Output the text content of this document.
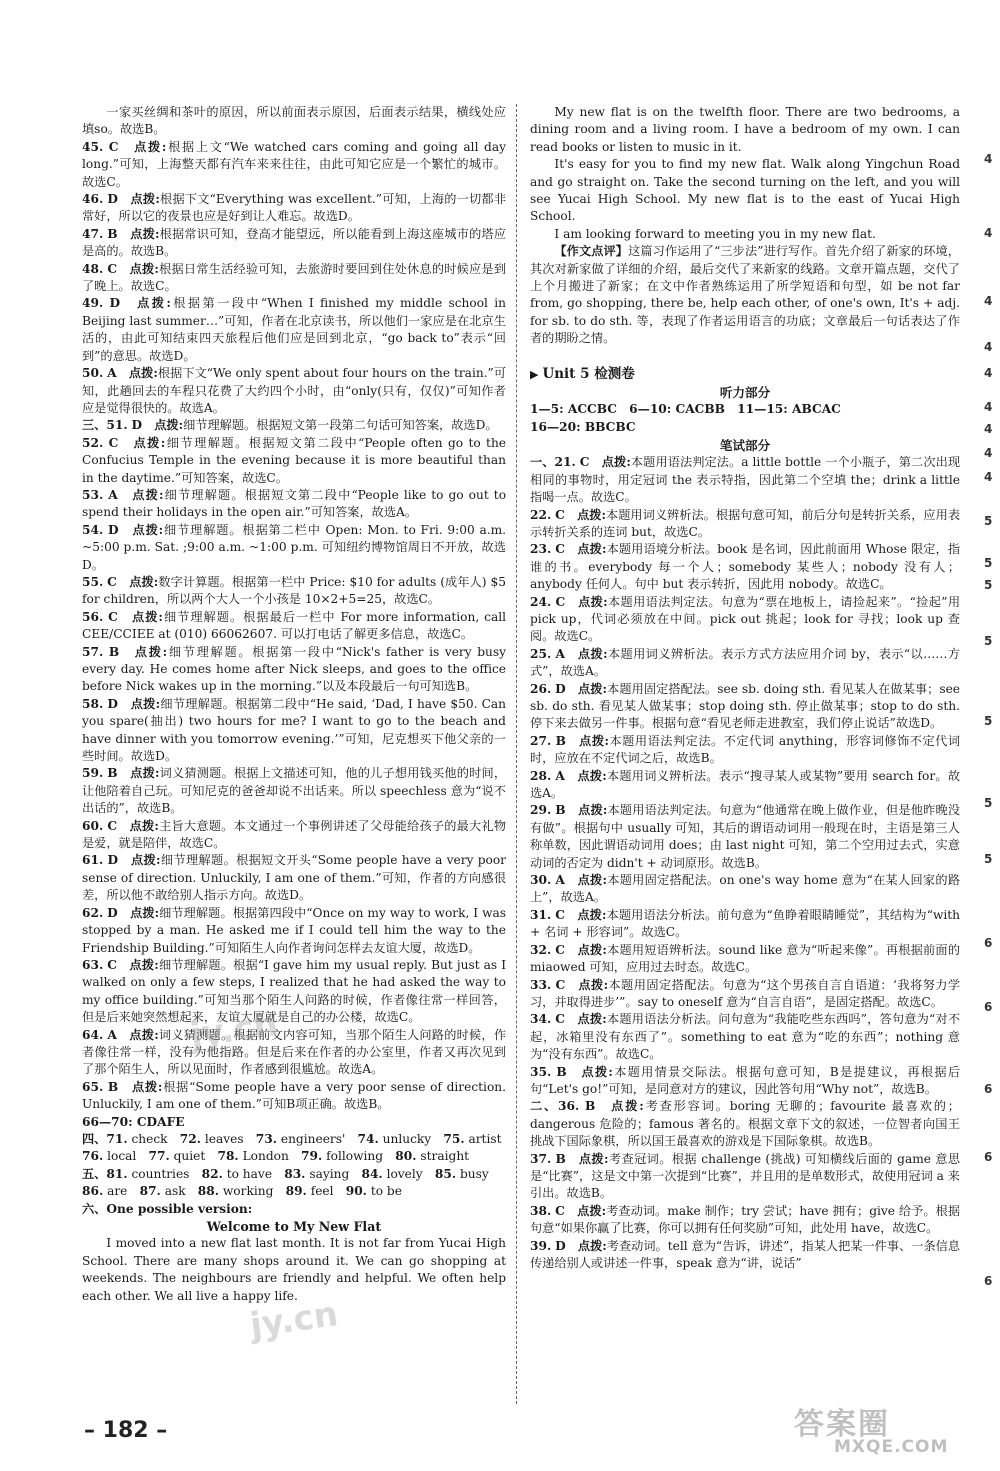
一家买丝绸和茶叶的原因，所以前面表示原因，后面表示结果，横线处应填so。故选B。

45. C　 点拨:根据上文“We watched cars coming and going all day long.”可知，上海整天都有汽车来来往往，由此可知它应是一个繁忙的城市。故选C。

46. D　 点拨:根据下文“Everything was excellent.”可知，上海的一切都非常好，所以它的夜景也应是好到让人难忘。故选D。

47. B　 点拨:根据常识可知，登高才能望远，所以能看到上海这座城市的塔应是高的。故选B。

48. C　 点拨:根据日常生活经验可知，去旅游时要回到住处休息的时候应是到了晚上。故选C。

49. D　 点拨:根据第一段中“When I finished my middle school in Beijing last summer…”可知，作者在北京读书，所以他们一家应是在北京生活的，由此可知结束四天旅程后他们应是回到北京，“go back to”表示“回到”的意思。故选D。

50. A　 点拨:根据下文“We only spent about four hours on the train.”可知，此趟回去的车程只花费了大约四个小时，由“only(只有，仅仅)”可知作者应是觉得很快的。故选A。

三、51. D　 点拨:细节理解题。根据短文第一段第二句话可知答案，故选D。

52. C　 点拨:细节理解题。根据短文第二段中“People often go to the Confucius Temple in the evening because it is more beautiful than in the daytime.”可知答案，故选C。

53. A　 点拨:细节理解题。根据短文第二段中“People like to go out to spend their holidays in the open air.”可知答案，故选A。

54. D　 点拨:细节理解题。根据第二栏中 Open: Mon. to Fri. 9:00 a.m. ~5:00 p.m. Sat. ;9:00 a.m. ~1:00 p.m. 可知纽约博物馆周日不开放，故选D。

55. C　 点拨:数字计算题。根据第一栏中 Price: $10 for adults (成年人) $5 for children，所以两个大人一个小孩是 10×2+5=25，故选C。

56. C　 点拨:细节理解题。根据最后一栏中 For more information, call CEE/CCIEE at (010) 66062607. 可以打电话了解更多信息，故选C。

57. B　 点拨:细节理解题。根据第一段中“Nick's father is very busy every day. He comes home after Nick sleeps, and goes to the office before Nick wakes up in the morning.”以及本段最后一句可知选B。

58. D　 点拨:细节理解题。根据第二段中“He said, ‘Dad, I have $50. Can you spare(抽出) two hours for me? I want to go to the beach and have dinner with you tomorrow evening.’”可知，尼克想买下他父亲的一些时间。故选D。

59. B　 点拨:词义猜测题。根据上文描述可知，他的儿子想用钱买他的时间，让他陪着自己玩。可知尼克的爸爸却说不出话来。所以 speechless 意为“说不出话的”，故选B。

60. C　 点拨:主旨大意题。本文通过一个事例讲述了父母能给孩子的最大礼物是爱，就是陪伴，故选C。

61. D　 点拨:细节理解题。根据短文开头“Some people have a very poor sense of direction. Unluckily, I am one of them.”可知，作者的方向感很差，所以他不敢给别人指示方向。故选D。

62. D　 点拨:细节理解题。根据第四段中“Once on my way to work, I was stopped by a man. He asked me if I could tell him the way to the Friendship Building.”可知陌生人向作者询问怎样去友谊大厦，故选D。

63. C　 点拨:细节理解题。根据“I gave him my usual reply. But just as I walked on only a few steps, I realized that he had asked the way to my office building.”可知当那个陌生人问路的时候，作者像往常一样回答，但是后来她突然想起来，友谊大厦就是自己的办公楼，故选C。

64. A　 点拨:词义猜测题。根据前文内容可知，当那个陌生人问路的时候，作者像往常一样，没有为他指路。但是后来在作者的办公室里，作者又再次见到了那个陌生人，所以见面时，作者感到很尴尬。故选A。

65. B　 点拨:根据“Some people have a very poor sense of direction. Unluckily, I am one of them.”可知B项正确。故选B。

66—70: CDAFE

四、71. check　 72. leaves　 73. engineers'　 74. unlucky　 75. artist　

76. local　 77. quiet　 78. London　 79. following　 80. straight　

五、81. countries　 82. to have　 83. saying　 84. lovely　 85. busy　

86. are　 87. ask　 88. working　 89. feel　 90. to be　

六、One possible version:

Welcome to My New Flat

I moved into a new flat last month. It is not far from Yucai High School. There are many shops around it. We can go shopping at weekends. The neighbours are friendly and helpful. We often help each other. We all live a happy life.

My new flat is on the twelfth floor. There are two bedrooms, a dining room and a living room. I have a bedroom of my own. I can read books or listen to music in it.

It's easy for you to find my new flat. Walk along Yingchun Road and go straight on. Take the second turning on the left, and you will see Yucai High School. My new flat is to the east of Yucai High School.

I am looking forward to meeting you in my new flat.

【作文点评】这篇习作运用了“三步法”进行写作。首先介绍了新家的环境，其次对新家做了详细的介绍，最后交代了来新家的线路。文章开篇点题，交代了上个月搬进了新家；在文中作者熟练运用了所学短语和句型，如 be not far from, go shopping, there be, help each other, of one's own, It's + adj. for sb. to do sth. 等，表现了作者运用语言的功底；文章最后一句话表达了作者的期盼之情。

▶ Unit 5 检测卷

听力部分

1—5: ACCBC　6—10: CACBB　11—15: ABCAC

16—20: BBCBC

笔试部分

一、21. C　 点拨:本题用语法判定法。a little bottle 一个小瓶子，第二次出现相同的事物时，用定冠词 the 表示特指，因此第二个空填 the；drink a little 指喝一点。故选C。

22. C　 点拨:本题用词义辨析法。根据句意可知，前后分句是转折关系，应用表示转折关系的连词 but，故选C。

23. C　 点拨:本题用语境分析法。book 是名词，因此前面用 Whose 限定，指谁的书。everybody 每一个人；somebody 某些人；nobody 没有人；anybody 任何人。句中 but 表示转折，因此用 nobody。故选C。

24. C　 点拨:本题用语法判定法。句意为“票在地板上，请捡起来”。“捡起”用 pick up，代词必须放在中间。pick out 挑起；look for 寻找；look up 查阅。故选C。

25. A　 点拨:本题用词义辨析法。表示方式方法应用介词 by，表示“以……方式”，故选A。

26. D　 点拨:本题用固定搭配法。see sb. doing sth. 看见某人在做某事；see sb. do sth. 看见某人做某事；stop doing sth. 停止做某事；stop to do sth. 停下来去做另一件事。根据句意“看见老师走进教室，我们停止说话”故选D。

27. B　 点拨:本题用语法判定法。不定代词 anything，形容词修饰不定代词时，应放在不定代词之后，故选B。

28. A　 点拨:本题用词义辨析法。表示“搜寻某人或某物”要用 search for。故选A。

29. B　 点拨:本题用语法判定法。句意为“他通常在晚上做作业，但是他昨晚没有做”。根据句中 usually 可知，其后的谓语动词用一般现在时，主语是第三人称单数，因此谓语动词用 does；由 last night 可知，第二个空用过去式，实意动词的否定为 didn't + 动词原形。故选B。

30. A　 点拨:本题用固定搭配法。on one's way home 意为“在某人回家的路上”，故选A。

31. C　 点拨:本题用语法分析法。前句意为“鱼睁着眼睛睡觉”，其结构为“with + 名词 + 形容词”。故选C。

32. C　 点拨:本题用短语辨析法。sound like 意为“听起来像”。再根据前面的 miaowed 可知，应用过去时态。故选C。

33. C　 点拨:本题用固定搭配法。句意为“这个男孩自言自语道：‘我将努力学习，并取得进步’”。say to oneself 意为“自言自语”，是固定搭配。故选C。

34. C　 点拨:本题用语法分析法。问句意为“我能吃些东西吗”，答句意为“对不起，冰箱里没有东西了”。something to eat 意为“吃的东西”；nothing 意为“没有东西”。故选C。

35. B　 点拨:本题用情景交际法。根据句意可知，B是提建议，再根据后句“Let's go!”可知，是同意对方的建议，因此答句用“Why not”，故选B。

二、36. B　 点拨:考查形容词。boring 无聊的；favourite 最喜欢的；dangerous 危险的；famous 著名的。根据文章下文的叙述，一位智者向国王挑战下国际象棋，所以国王最喜欢的游戏是下国际象棋。故选B。

37. B　 点拨:考查冠词。根据 challenge (挑战) 可知横线后面的 game 意思是“比赛”，这是文中第一次提到“比赛”，并且用的是单数形式，故使用冠词 a 来引出。故选B。

38. C　 点拨:考查动词。make 制作；try 尝试；have 拥有；give 给予。根据句意“如果你赢了比赛，你可以拥有任何奖励”可知，此处用 have，故选C。

39. D　 点拨:考查动词。tell 意为“告诉，讲述”，指某人把某一件事、一条信息传递给别人或讲述一件事，speak 意为“讲，说话”

4
4
4
4
4
4
4
4
4
5
5
5
5
5
5
5
6
6
6
6
6
– 182 –
jy.cn
jy.cn
答案圈
MXQE.COM
